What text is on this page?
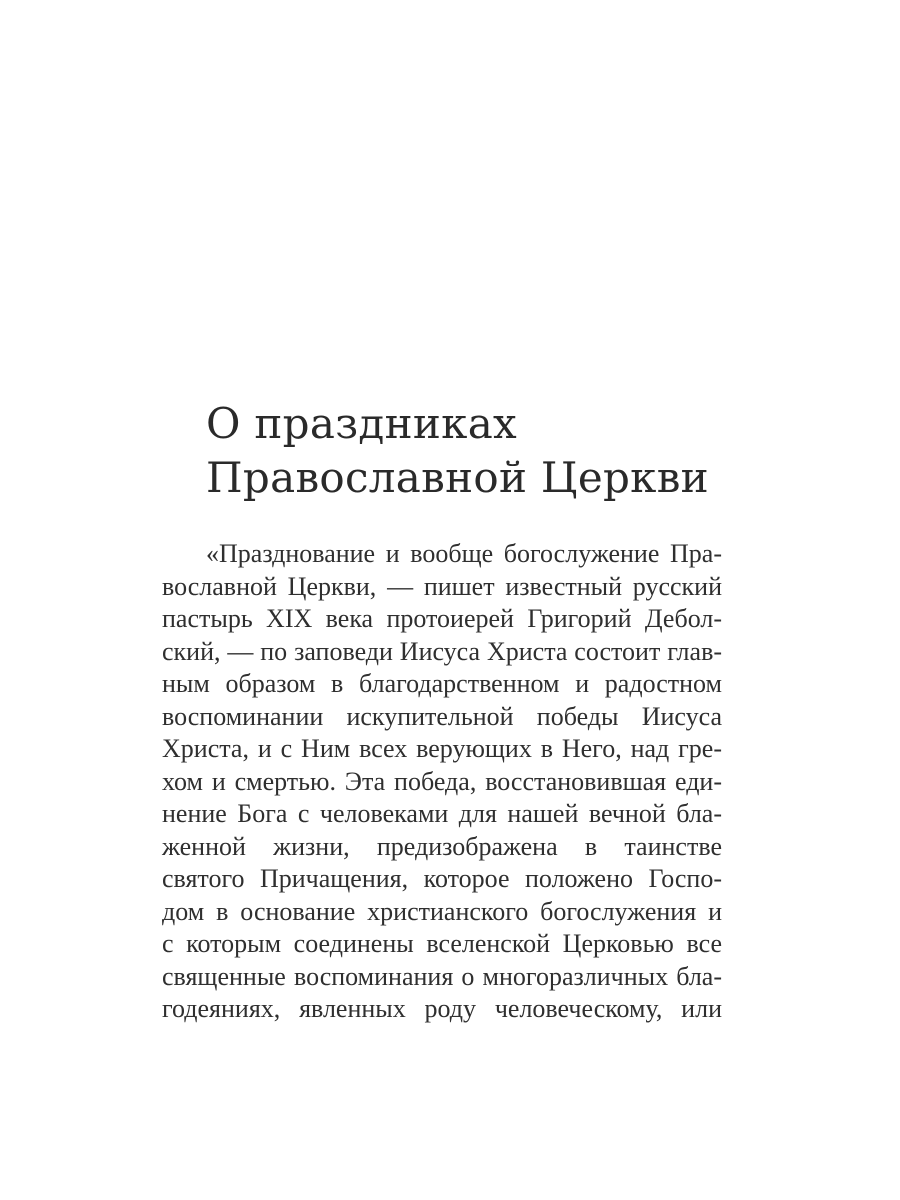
О праздниках
Православной Церкви
«Празднование и вообще богослужение Пра-
вославной Церкви, — пишет известный русский
пастырь XIX века протоиерей Григорий Дебол-
ский, — по заповеди Иисуса Христа состоит глав-
ным образом в благодарственном и радостном
воспоминании искупительной победы Иисуса
Христа, и с Ним всех верующих в Него, над гре-
хом и смертью. Эта победа, восстановившая еди-
нение Бога с человеками для нашей вечной бла-
женной жизни, предизображена в таинстве
святого Причащения, которое положено Госпо-
дом в основание христианского богослужения и
с которым соединены вселенской Церковью все
священные воспоминания о многоразличных бла-
годеяниях, явленных роду человеческому, или
